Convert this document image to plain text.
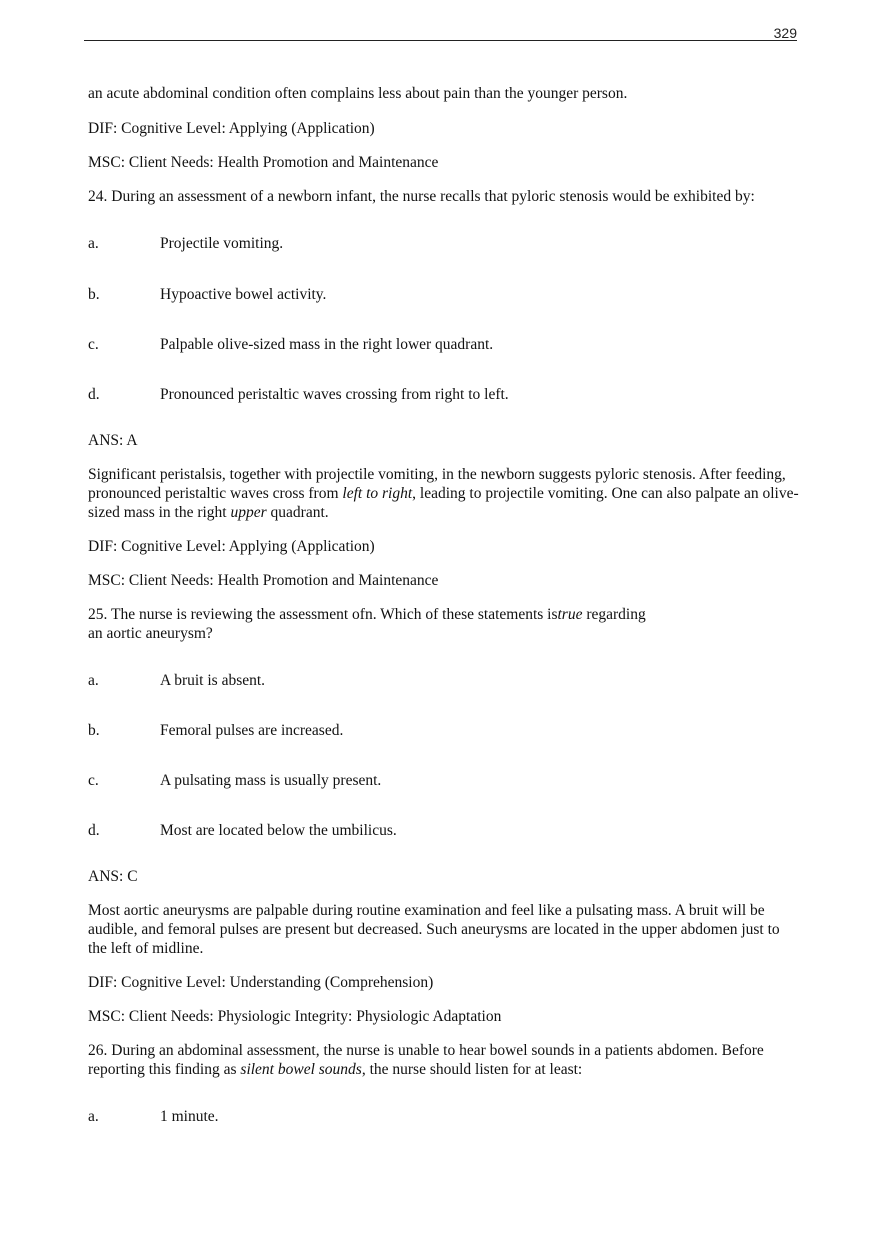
329

an acute abdominal condition often complains less about pain than the younger person.

DIF: Cognitive Level: Applying (Application)

MSC: Client Needs: Health Promotion and Maintenance

24. During an assessment of a newborn infant, the nurse recalls that pyloric stenosis would be exhibited by:

a.	Projectile vomiting.
b.	Hypoactive bowel activity.
c.	Palpable olive-sized mass in the right lower quadrant.
d.	Pronounced peristaltic waves crossing from right to left.

ANS: A

Significant peristalsis, together with projectile vomiting, in the newborn suggests pyloric stenosis. After feeding, pronounced peristaltic waves cross from left to right, leading to projectile vomiting. One can also palpate an olive-sized mass in the right upper quadrant.

DIF: Cognitive Level: Applying (Application)

MSC: Client Needs: Health Promotion and Maintenance

25. The nurse is reviewing the assessment ofn. Which of these statements istrue regarding
an aortic aneurysm?

a.	A bruit is absent.
b.	Femoral pulses are increased.
c.	A pulsating mass is usually present.
d.	Most are located below the umbilicus.

ANS: C

Most aortic aneurysms are palpable during routine examination and feel like a pulsating mass. A bruit will be

audible, and femoral pulses are present but decreased. Such aneurysms are located in the upper abdomen just to

the left of midline.

DIF: Cognitive Level: Understanding (Comprehension)

MSC: Client Needs: Physiologic Integrity: Physiologic Adaptation

26. During an abdominal assessment, the nurse is unable to hear bowel sounds in a patients abdomen. Before reporting this finding as silent bowel sounds, the nurse should listen for at least:

a.	1 minute.
